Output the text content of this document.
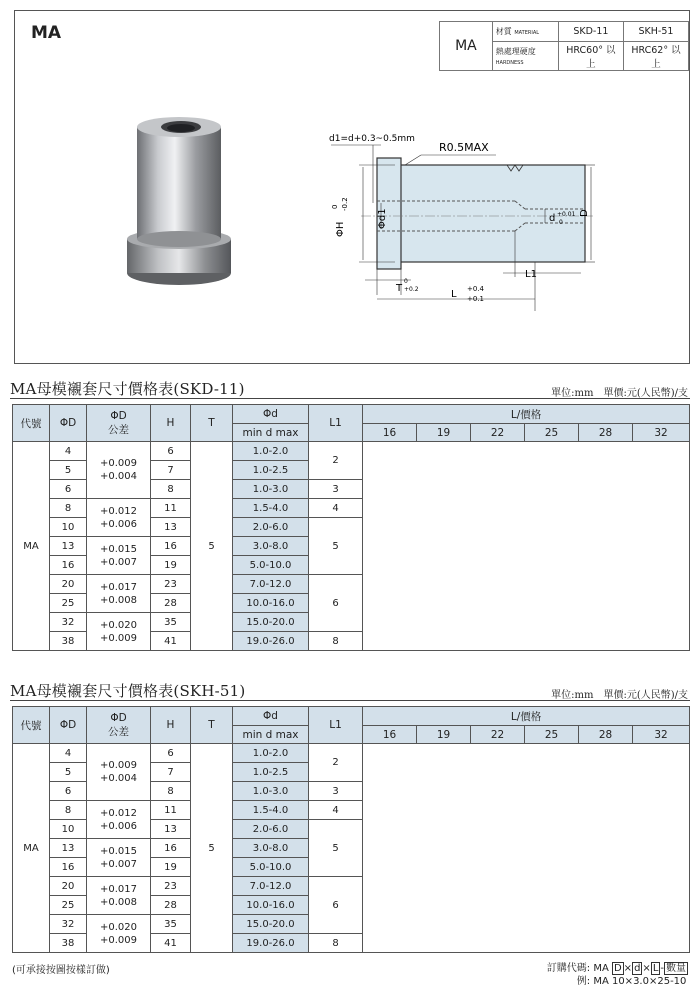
MA
MA	材質 MATERIAL	SKD-11	SKH-51
	熱處理硬度 HARDNESS	HRC60° 以上	HRC62° 以上
d1=d+0.3~0.5mm
R0.5MAX
ΦH
0 -0.2
Φd1	d +0.01
0
D
L1
T
0
+0.2	L +0.4
+0.1
MA母模襯套尺寸價格表(SKD-11)	單位:mm　單價:元(人民幣)/支
代號	ΦD	ΦD
公差	H	T	Φd	L1	L/價格					
					min d max		16	19	22	25	28	32
MA	4	+0.009
+0.004	6	5	1.0-2.0	2						
	5		7		1.0-2.5							
	6		8		1.0-3.0	3						
	8	+0.012
+0.006	11		1.5-4.0	4						
	10		13		2.0-6.0	5						
	13	+0.015
+0.007	16		3.0-8.0							
	16		19		5.0-10.0							
	20	+0.017
+0.008	23		7.0-12.0	6						
	25		28		10.0-16.0							
	32	+0.020
+0.009	35		15.0-20.0							
	38		41		19.0-26.0	8						
MA母模襯套尺寸價格表(SKH-51)	單位:mm　單價:元(人民幣)/支
代號	ΦD	ΦD
公差	H	T	Φd	L1	L/價格					
					min d max		16	19	22	25	28	32
MA	4	+0.009
+0.004	6	5	1.0-2.0	2						
	5		7		1.0-2.5							
	6		8		1.0-3.0	3						
	8	+0.012
+0.006	11		1.5-4.0	4						
	10		13		2.0-6.0	5						
	13	+0.015
+0.007	16		3.0-8.0							
	16		19		5.0-10.0							
	20	+0.017
+0.008	23		7.0-12.0	6						
	25		28		10.0-16.0							
	32	+0.020
+0.009	35		15.0-20.0							
	38		41		19.0-26.0	8						
(可承接按圖按樣訂做)	訂購代碼: MA D × d × L - 數量
例: MA 10×3.0×25-10
